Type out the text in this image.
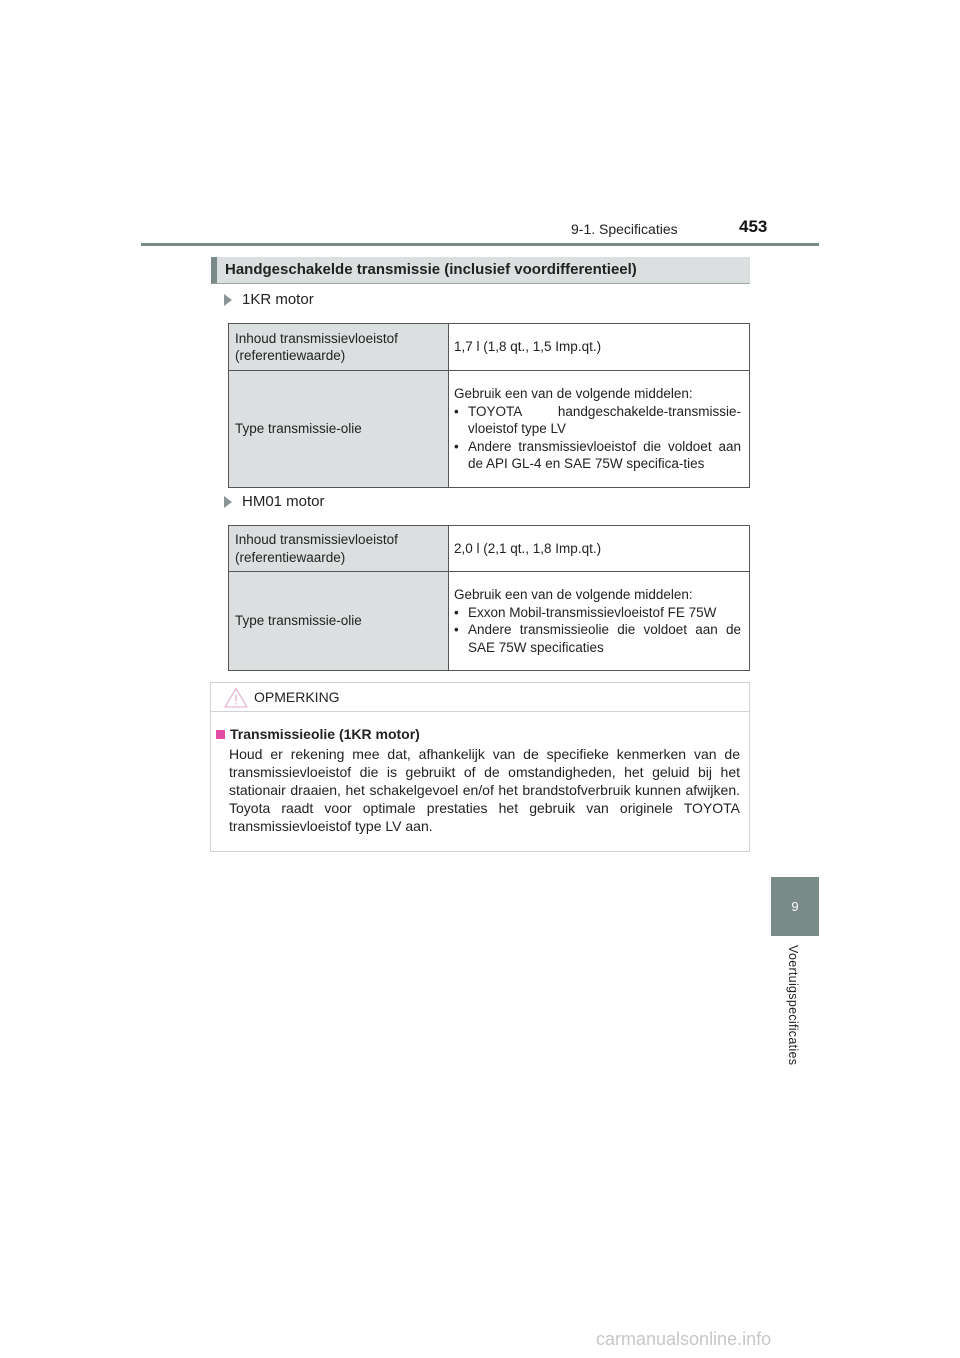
9-1. Specificaties	453
Handgeschakelde transmissie (inclusief voordifferentieel)
1KR motor
Inhoud transmissievloeistof (referentiewaarde)	1,7 l (1,8 qt., 1,5 Imp.qt.)
Type transmissie-olie	Gebruik een van de volgende middelen:
• TOYOTA handgeschakelde-transmissie-vloeistof type LV
• Andere transmissievloeistof die voldoet aan de API GL-4 en SAE 75W specifica-ties
HM01 motor
Inhoud transmissievloeistof (referentiewaarde)	2,0 l (2,1 qt., 1,8 Imp.qt.)
Type transmissie-olie	Gebruik een van de volgende middelen:
• Exxon Mobil-transmissievloeistof FE 75W
• Andere transmissieolie die voldoet aan de SAE 75W specificaties
OPMERKING
Transmissieolie (1KR motor)
Houd er rekening mee dat, afhankelijk van de specifieke kenmerken van de transmissievloeistof die is gebruikt of de omstandigheden, het geluid bij het stationair draaien, het schakelgevoel en/of het brandstofverbruik kunnen afwijken. Toyota raadt voor optimale prestaties het gebruik van originele TOYOTA transmissievloeistof type LV aan.
9
Voertuigspecificaties
carmanualsonline.info
